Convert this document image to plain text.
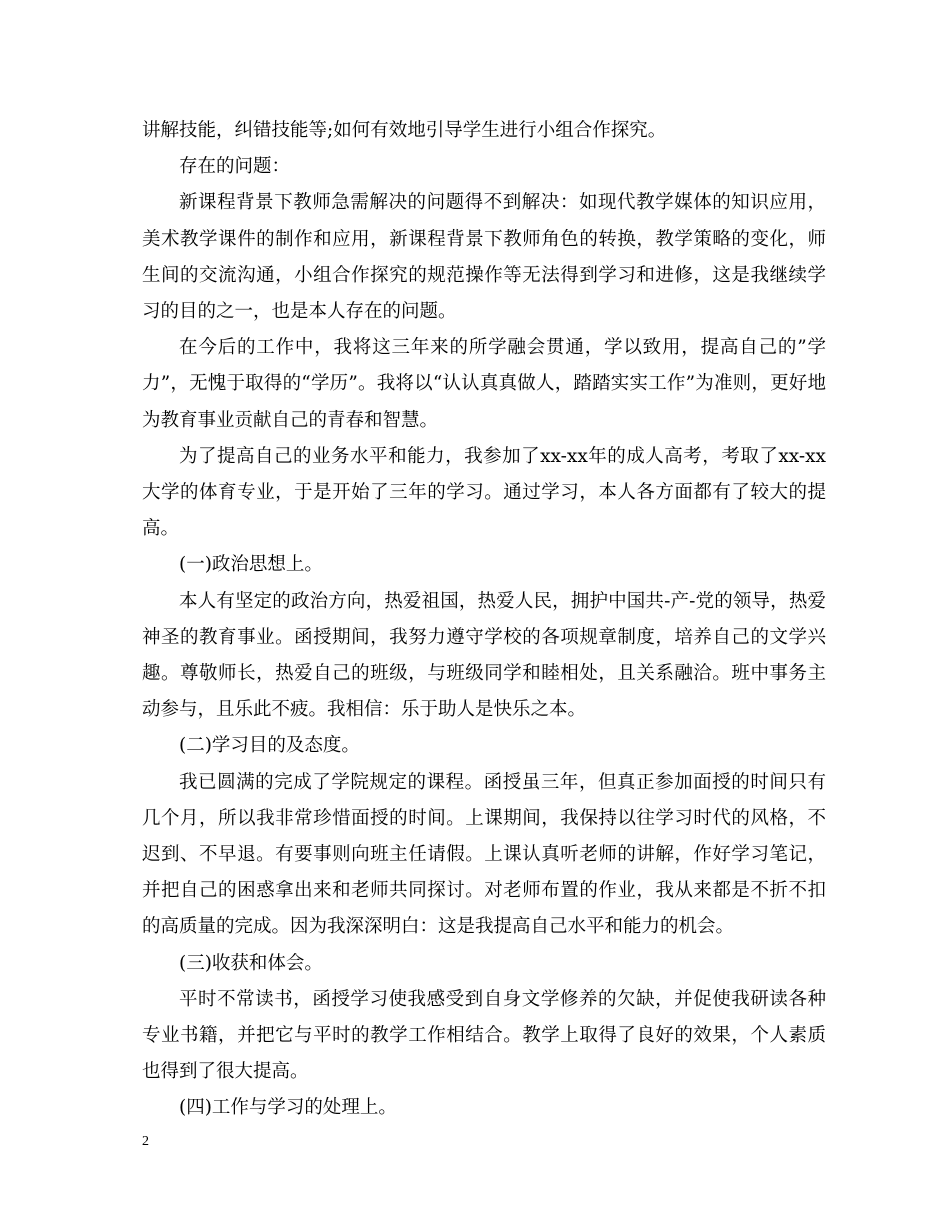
讲解技能，纠错技能等;如何有效地引导学生进行小组合作探究。

存在的问题：

新课程背景下教师急需解决的问题得不到解决：如现代教学媒体的知识应用，美术教学课件的制作和应用，新课程背景下教师角色的转换，教学策略的变化，师生间的交流沟通，小组合作探究的规范操作等无法得到学习和进修，这是我继续学习的目的之一，也是本人存在的问题。

在今后的工作中，我将这三年来的所学融会贯通，学以致用，提高自己的”学力”，无愧于取得的“学历”。我将以“认认真真做人，踏踏实实工作”为准则，更好地为教育事业贡献自己的青春和智慧。

为了提高自己的业务水平和能力，我参加了xx-xx年的成人高考，考取了xx-xx大学的体育专业，于是开始了三年的学习。通过学习，本人各方面都有了较大的提高。

(一)政治思想上。

本人有坚定的政治方向，热爱祖国，热爱人民，拥护中国共-产-党的领导，热爱神圣的教育事业。函授期间，我努力遵守学校的各项规章制度，培养自己的文学兴趣。尊敬师长，热爱自己的班级，与班级同学和睦相处，且关系融洽。班中事务主动参与，且乐此不疲。我相信：乐于助人是快乐之本。

(二)学习目的及态度。

我已圆满的完成了学院规定的课程。函授虽三年，但真正参加面授的时间只有几个月，所以我非常珍惜面授的时间。上课期间，我保持以往学习时代的风格，不迟到、不早退。有要事则向班主任请假。上课认真听老师的讲解，作好学习笔记，并把自己的困惑拿出来和老师共同探讨。对老师布置的作业，我从来都是不折不扣的高质量的完成。因为我深深明白：这是我提高自己水平和能力的机会。

(三)收获和体会。

平时不常读书，函授学习使我感受到自身文学修养的欠缺，并促使我研读各种专业书籍，并把它与平时的教学工作相结合。教学上取得了良好的效果，个人素质也得到了很大提高。

(四)工作与学习的处理上。

2
